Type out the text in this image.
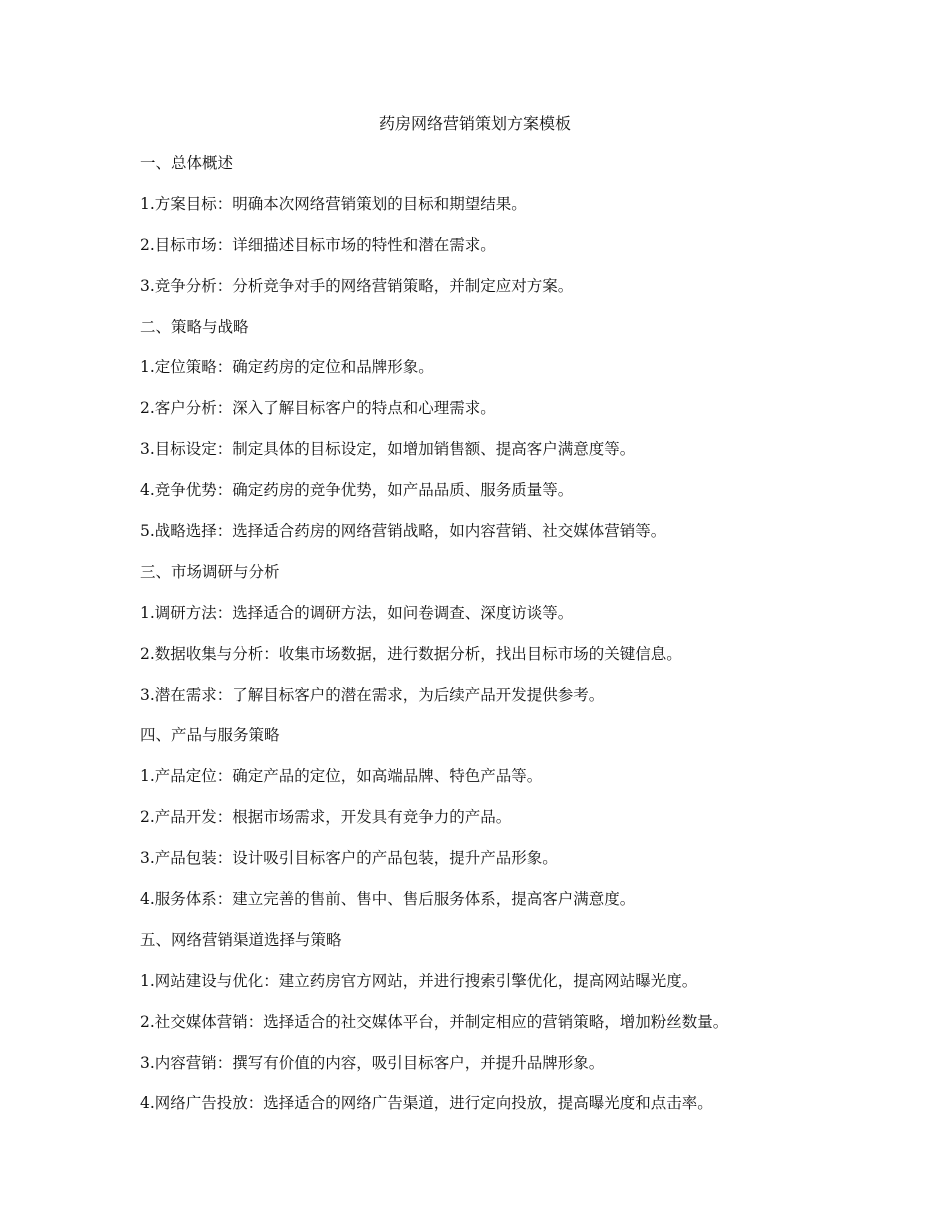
药房网络营销策划方案模板
一、总体概述
1.方案目标：明确本次网络营销策划的目标和期望结果。
2.目标市场：详细描述目标市场的特性和潜在需求。
3.竞争分析：分析竞争对手的网络营销策略，并制定应对方案。
二、策略与战略
1.定位策略：确定药房的定位和品牌形象。
2.客户分析：深入了解目标客户的特点和心理需求。
3.目标设定：制定具体的目标设定，如增加销售额、提高客户满意度等。
4.竞争优势：确定药房的竞争优势，如产品品质、服务质量等。
5.战略选择：选择适合药房的网络营销战略，如内容营销、社交媒体营销等。
三、市场调研与分析
1.调研方法：选择适合的调研方法，如问卷调查、深度访谈等。
2.数据收集与分析：收集市场数据，进行数据分析，找出目标市场的关键信息。
3.潜在需求：了解目标客户的潜在需求，为后续产品开发提供参考。
四、产品与服务策略
1.产品定位：确定产品的定位，如高端品牌、特色产品等。
2.产品开发：根据市场需求，开发具有竞争力的产品。
3.产品包装：设计吸引目标客户的产品包装，提升产品形象。
4.服务体系：建立完善的售前、售中、售后服务体系，提高客户满意度。
五、网络营销渠道选择与策略
1.网站建设与优化：建立药房官方网站，并进行搜索引擎优化，提高网站曝光度。
2.社交媒体营销：选择适合的社交媒体平台，并制定相应的营销策略，增加粉丝数量。
3.内容营销：撰写有价值的内容，吸引目标客户，并提升品牌形象。
4.网络广告投放：选择适合的网络广告渠道，进行定向投放，提高曝光度和点击率。
